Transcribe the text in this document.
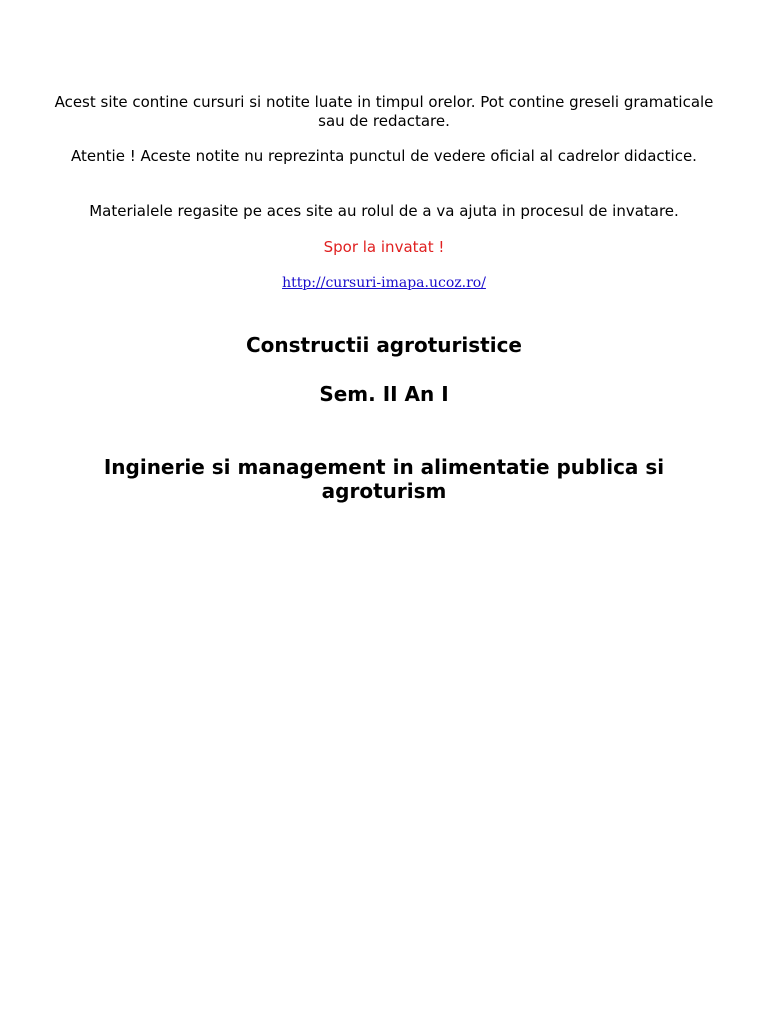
Acest site contine cursuri si notite luate in timpul orelor. Pot contine greseli gramaticale sau de redactare.

Atentie ! Aceste notite nu reprezinta punctul de vedere oficial al cadrelor didactice.

Materialele regasite pe aces site au rolul de a va ajuta in procesul de invatare.

Spor la invatat !

http://cursuri-imapa.ucoz.ro/
Constructii agroturistice
Sem. II An I
Inginerie si management in alimentatie publica si agroturism
